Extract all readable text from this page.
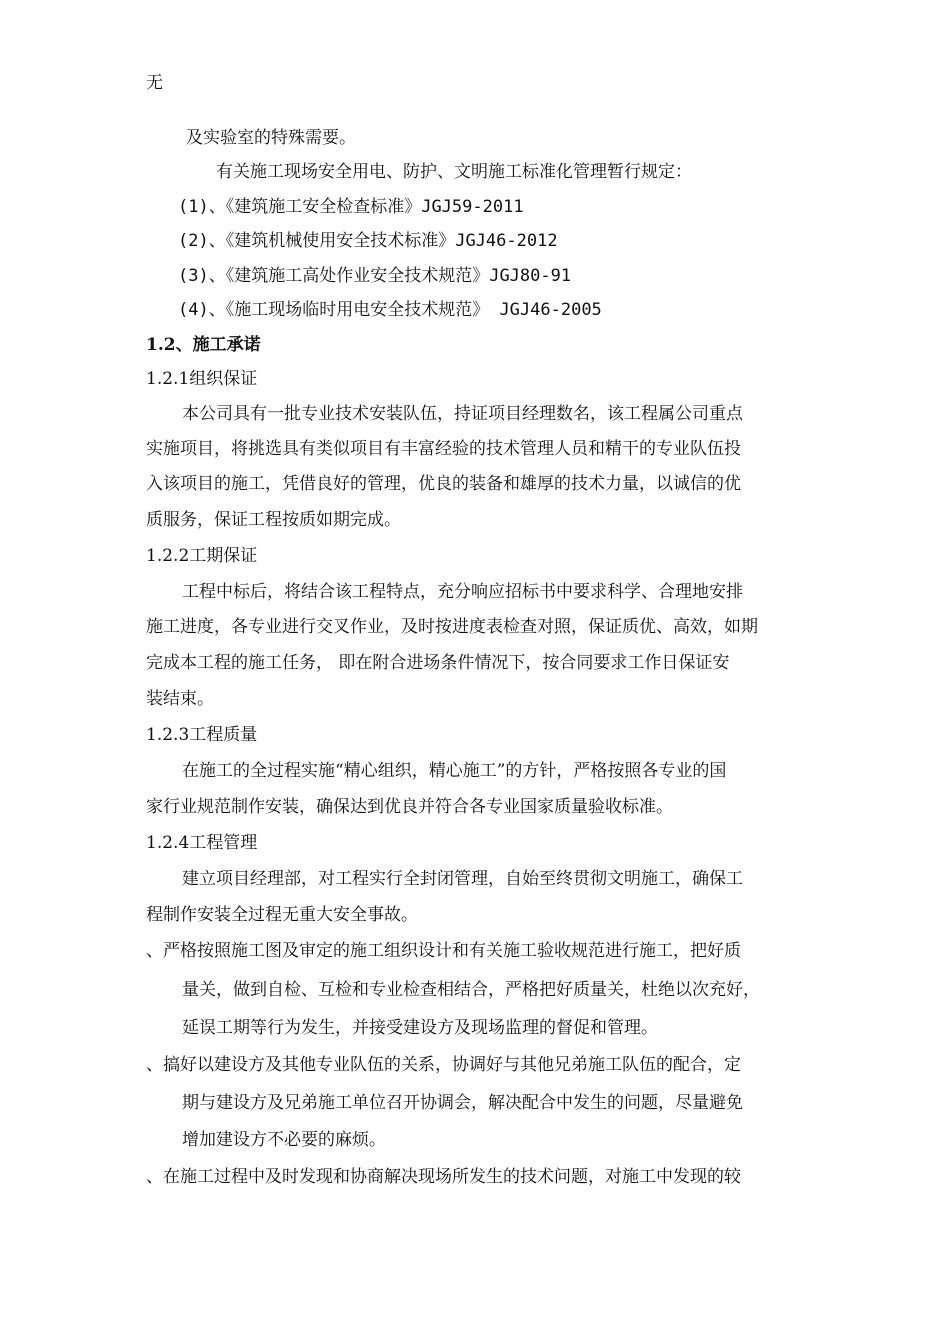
无
及实验室的特殊需要。
有关施工现场安全用电、防护、文明施工标准化管理暂行规定：
(1)、《建筑施工安全检查标准》JGJ59-2011
(2)、《建筑机械使用安全技术标准》JGJ46-2012
(3)、《建筑施工高处作业安全技术规范》JGJ80-91
(4)、《施工现场临时用电安全技术规范》 JGJ46-2005
1.2、施工承诺
1.2.1组织保证
本公司具有一批专业技术安装队伍，持证项目经理数名，该工程属公司重点
实施项目，将挑选具有类似项目有丰富经验的技术管理人员和精干的专业队伍投
入该项目的施工，凭借良好的管理，优良的装备和雄厚的技术力量，以诚信的优
质服务，保证工程按质如期完成。
1.2.2工期保证
工程中标后，将结合该工程特点，充分响应招标书中要求科学、合理地安排
施工进度，各专业进行交叉作业，及时按进度表检查对照，保证质优、高效，如期
完成本工程的施工任务， 即在附合进场条件情况下，按合同要求工作日保证安
装结束。
1.2.3工程质量
在施工的全过程实施“精心组织，精心施工”的方针，严格按照各专业的国
家行业规范制作安装，确保达到优良并符合各专业国家质量验收标准。
1.2.4工程管理
建立项目经理部，对工程实行全封闭管理，自始至终贯彻文明施工，确保工
程制作安装全过程无重大安全事故。
、严格按照施工图及审定的施工组织设计和有关施工验收规范进行施工，把好质
量关，做到自检、互检和专业检查相结合，严格把好质量关，杜绝以次充好，
延误工期等行为发生，并接受建设方及现场监理的督促和管理。
、搞好以建设方及其他专业队伍的关系，协调好与其他兄弟施工队伍的配合，定
期与建设方及兄弟施工单位召开协调会，解决配合中发生的问题，尽量避免
增加建设方不必要的麻烦。
、在施工过程中及时发现和协商解决现场所发生的技术问题，对施工中发现的较
